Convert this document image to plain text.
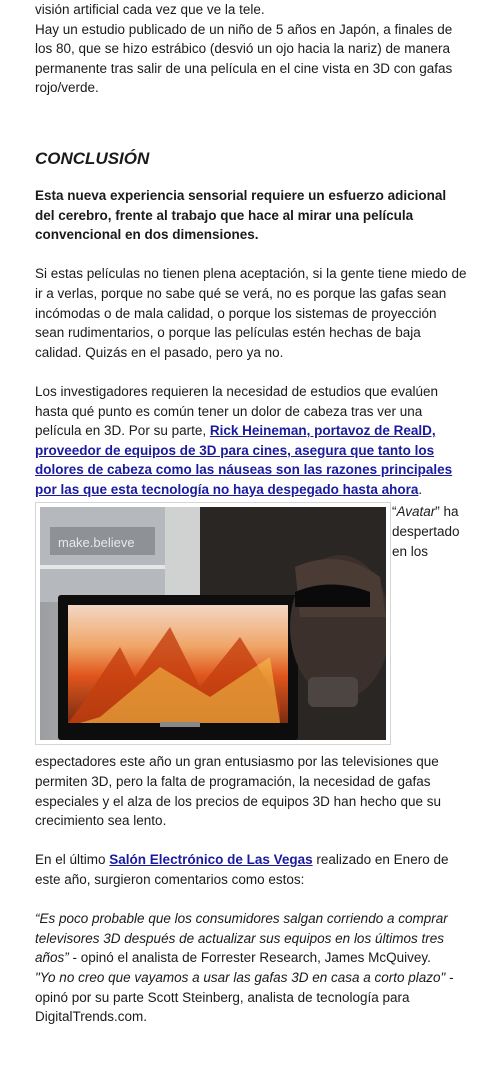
visión artificial cada vez que ve la tele.
Hay un estudio publicado de un niño de 5 años en Japón, a finales de los 80, que se hizo estrábico (desvió un ojo hacia la nariz) de manera permanente tras salir de una película en el cine vista en 3D con gafas rojo/verde.

CONCLUSIÓN

Esta nueva experiencia sensorial requiere un esfuerzo adicional del cerebro, frente al trabajo que hace al mirar una película convencional en dos dimensiones.

Si estas películas no tienen plena aceptación, si la gente tiene miedo de ir a verlas, porque no sabe qué se verá, no es porque las gafas sean incómodas o de mala calidad, o porque los sistemas de proyección sean rudimentarios, o porque las películas estén hechas de baja calidad. Quizás en el pasado, pero ya no.

Los investigadores requieren la necesidad de estudios que evalúen hasta qué punto es común tener un dolor de cabeza tras ver una película en 3D. Por su parte, Rick Heineman, portavoz de RealD, proveedor de equipos de 3D para cines, asegura que tanto los dolores de cabeza como las náuseas son las razones principales por las que esta tecnología no haya despegado hasta ahora.

make.believe
“Avatar” ha despertado en los

espectadores este año un gran entusiasmo por las televisiones que permiten 3D, pero la falta de programación, la necesidad de gafas especiales y el alza de los precios de equipos 3D han hecho que su crecimiento sea lento.

En el último Salón Electrónico de Las Vegas realizado en Enero de este año, surgieron comentarios como estos:

“Es poco probable que los consumidores salgan corriendo a comprar televisores 3D después de actualizar sus equipos en los últimos tres años” - opinó el analista de Forrester Research, James McQuivey.
"Yo no creo que vayamos a usar las gafas 3D en casa a corto plazo" - opinó por su parte Scott Steinberg, analista de tecnología para DigitalTrends.com.
